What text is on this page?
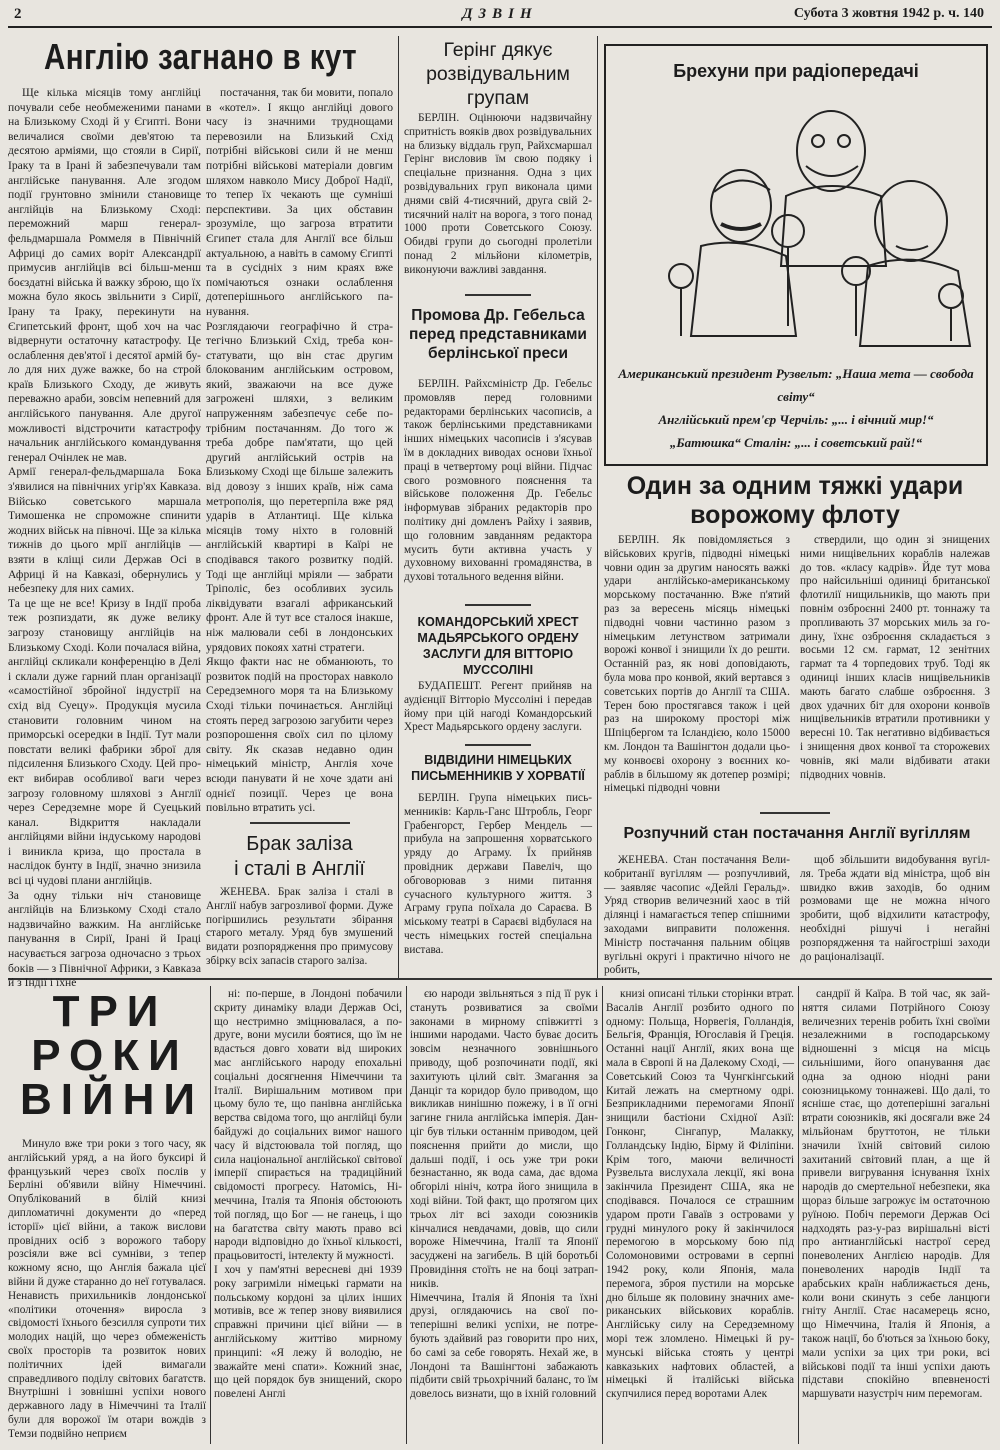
2	ДЗВІН	Субота 3 жовтня 1942 р. ч. 140
Англію загнано в кут
Ще кілька місяців тому англійці почували себе необмеженими панами на Близькому Сході й у Єгипті. Вони величалися своїми дев'ятою та десятою арміями, що стояли в Сирії, Іраку та в Ірані й забезпечували там англійське панування. Але згодом події грунтовно змінили становище англійців на Близькому Сході: переможний марш генерал-фельдмаршала Роммеля в Північній Африці до самих воріт Александрії примусив англійців всі більш-менш боєздатні війська й важку зброю, що їх можна було якось звільнити з Сирії, Ірану та Іраку, перекинути на Єгипетський фронт, щоб хоч на час відвернути остаточну катастрофу. Це ослаблення дев'ятої і десятої армій було для них дуже важке, бо на строй країв Близького Сходу, де живуть переважно араби, зовсім непевний для англійського панування. Але другої можливості відстрочити катастрофу начальник англійського командування генерал Очінлек не мав.
Армії генерал-фельдмаршала Бока з'явилися на північних угір'ях Кавказа. Військо советського маршала Тимошенка не спроможне спинити жодних військ на півночі. Ще за кілька тижнів до цього мрії англійців — взяти в кліщі сили Держав Осі в Африці й на Кавказі, обернулись у небезпеку для них самих.
Та це ще не все! Кризу в Індії проба теж розпиздати, як дуже велику загрозу становищу англійців на Близькому Сході. Коли почалася війна, англійці скликали конференцію в Делі і склали дуже гарний план організації «самостійної збройної індустрії на схід від Суецу». Продукція мусила становити головним чином на приморські осередки в Індії. Тут мали повстати великі фабрики зброї для підсилення Близького Сходу. Цей проект вибирав особливої ваги через загрозу головному шляхові з Англії через Середземне море й Суецький канал. Відкриття накладали англійцями війни індуському народові і виникла криза, що простала в наслідок бунту в Індії, значно знизила всі ці чудові плани англійців.
За одну тільки ніч становище англійців на Близькому Сході стало надзвичайно важким. На англійське панування в Сирії, Ірані й Іраці насувається загроза одночасно з трьох боків — з Північної Африки, з Кавказа й з Індії і їхне
постачання, так би мовити, попало в «котел». І якщо англійці дового часу із значними труднощами перевозили на Близький Схід потрібні військові сили й не менш потрібні військові матеріали довгим шляхом навколо Мису Доброї Надії, то тепер їх чекають ще сумніші перспективи. За цих обставин зрозуміле, що загроза втратити Єгипет стала для Англії все більш актуальною, а навіть в самому Єгипті та в сусідніх з ним краях вже помічаються ознаки ослаблення дотеперішнього англійського панування.
Розглядаючи географічно й стратегічно Близький Схід, треба констатувати, що він стає другим блокованим англійським островом, який, зважаючи на все дуже загрожені шляхи, з великим напруженням забезпечує себе потрібним постачанням. До того ж треба добре пам'ятати, що цей другий англійський острів на Близькому Сході ще більше залежить від довозу з інших країв, ніж сама метрополія, що перетерпіла вже ряд ударів в Атлантиці. Ще кілька місяців тому ніхто в головній англійській квартирі в Каїрі не сподівався такого розвитку подій. Тоді ще англійці мріяли — забрати Тріполіс, без особливих зусиль ліквідувати взагалі африканський фронт. Але й тут все сталося інакше, ніж малювали себі в лондонських урядових покоях хатні стратеги.
Якщо факти нас не обманюють, то розвиток подій на просторах навколо Середземного моря та на Близькому Сході тільки починається. Англійці стоять перед загрозою загубити через розпорошення своїх сил по цілому світу. Як сказав недавно один німецький міністр, Англія хоче всюди панувати й не хоче здати ані однієї позиції. Через це вона повільно втратить усі.
Брак заліза
і сталі в Англії
ЖЕНЕВА. Брак заліза і сталі в Англії набув загрозливої форми. Дуже погіршились результати збірання старого металу. Уряд був змушений видати розпорядження про примусову збірку всіх запасів старого заліза.
Герінг дякує розвідувальним групам
БЕРЛІН. Оцінюючи надзвичайну спритність вояків двох розвідувальних на близьку віддаль груп, Райхсмаршал Герінг висловив їм свою подяку і спеціальне признання. Одна з цих розвідувальних груп виконала цими днями свій 4-тисячний, друга свій 2-тисячний наліт на ворога, з того понад 1000 проти Советського Союзу. Обидві групи до сьогодні пролетіли понад 2 мільйони кілометрів, виконуючи важливі завдання.
Промова Др. Гебельса перед представниками берлінської преси
БЕРЛІН. Райхсміністр Др. Гебельс промовляв перед головними редакторами берлінських часописів, а також берлінськими представниками інших німецьких часописів і з'ясував їм в докладних виводах основи їхньої праці в четвертому році війни. Підчас свого розмовного пояснення та військове положення Др. Гебельс інформував зібраних редакторів про політику дні домленъ Райху і заявив, що головним завданням редактора мусить бути активна участь у духовному вихованні громадянства, в духові тотального ведення війни.
КОМАНДОРСЬКИЙ ХРЕСТ МАДЬЯРСЬКОГО ОРДЕНУ ЗАСЛУГИ ДЛЯ ВІТТОРІО МУССОЛІНІ
БУДАПЕШТ. Регент прийняв на аудієнції Вітторіо Муссоліні і передав йому при цій нагоді Командорський Хрест Мадьярського ордену заслуги.
ВІДВІДИНИ НІМЕЦЬКИХ ПИСЬМЕННИКІВ У ХОРВАТІЇ
БЕРЛІН. Група німецьких письменників: Карль-Ганс Штробль, Георг Грабенгорст, Гербер Мендель — прибула на запрошення хорватського уряду до Аграму. Їх прийняв провідник держави Павеліч, що обговорював з ними питання сучасного культурного життя. З Аграму група поїхала до Сараєва. В міському театрі в Сараєві відбулася на честь німецьких гостей спеціальна вистава.
Брехуни при радіопередачі
Американський президент Рузвельт: „Наша мета — свобода світу“
Англійський прем'єр Черчіль: „... і вічний мир!“
„Батюшка“ Сталін: „... і советський рай!“
Один за одним тяжкі удари ворожому флоту
БЕРЛІН. Як повідомляється з військових кругів, підводні німецькі човни один за другим наносять важкі удари англійсько-американському морському постачанню. Вже п'ятий раз за вересень місяць німецькі підводні човни частинно разом з німецьким летунством затримали ворожі конвої і знищили їх до решти. Останній раз, як нові доповідають, була мова про конвой, який вертався з советських портів до Англії та США. Терен бою простягався також і цей раз на широкому просторі між Шпіцбергом та Ісландією, коло 15000 км. Лондон та Вашінгтон додали цьому конвоєві охорону з воєнних кораблів в більшому як дотепер розмірі; німецькі підводні човни
ствердили, що один зі знищених ними нищівельних кораблів належав до тов. «класу кадрів». Йде тут мова про найсильніші одиниці британської флотилії нищильників, що мають при повнім озброєнні 2400 рт. тоннажу та пропливають 37 морських миль за годину, їхнє озброєння складається з восьми 12 см. гармат, 12 зенітних гармат та 4 торпедових труб. Тоді як одиниці інших класів нищівельників мають багато слабше озброєння. З двох удачних біт для охорони конвоїв нищівельників втратили противники у вересні 10. Так негативно відбивається і знищення двох конвої та сторожевих човнів, які мали відбивати атаки підводних човнів.
Розпучний стан постачання Англії вугіллям
ЖЕНЕВА. Стан постачання Великобританії вугіллям — розпучливий, — заявляє часопис «Дейлі Геральд». Уряд створив величезний хаос в тій ділянці і намагається тепер спішними заходами виправити положення. Міністр постачання пальним обіцяв вугільні округі і практично нічого не робить,
щоб збільшити видобування вугілля. Треба ждати від міністра, щоб він швидко вжив заходів, бо одним розмовами ще не можна нічого зробити, щоб відхилити катастрофу, необхідні рішучі і негайні розпорядження та найгостріші заходи до раціоналізації.
ТРИ
РОКИ
ВІЙНИ
Минуло вже три роки з того часу, як англійський уряд, а на його буксирі й французький через своїх послів у Берліні об'явили війну Німеччині. Опублікований в білій книзі дипломатичні документи до «перед історії» цієї війни, а також вислови провідних осіб з ворожого табору розсіяли вже всі сумніви, з тепер кожному ясно, що Англія бажала цієї війни й дуже старанно до неї готувалася. Ненависть прихильників лондонської «політики оточення» виросла з свідомості їхнього безсилля супроти тих молодих націй, що через обмеженість своїх просторів та розвиток нових політичних ідей вимагали справедливого поділу світових багатств. Внутрішні і зовнішні успіхи нового державного ладу в Німеччині та Італії були для ворожої їм отари вождів з Темзи подвійно неприєм
ні: по-перше, в Лондоні побачили скриту динаміку влади Держав Осі, що нестримно зміцнювалася, а по-друге, вони мусили боятися, що їм не вдасться довго ховати від широких мас англійського народу епохальні соціальні досягнення Німеччини та Італії. Вирішальним мотивом при цьому було те, що панівна англійська верства свідома того, що англійці були байдужі до соціальних вимог нашого часу й відстоювала той погляд, що сила національної англійської світової імперії спирається на традиційний свідомості прогресу. Натомісь, Німеччина, Італія та Японія обстоюють той погляд, що Бог — не ганець, і що на багатства світу мають право всі народи відповідно до їхньої кількості, працьовитості, інтелекту й мужності.
І хоч у пам'ятні вересневі дні 1939 року загриміли німецькі гармати на польському кордоні за цілих інших мотивів, все ж тепер знову виявилися справжні причини цієї війни — в англійському життіво мирному принципі: «Я лежу й володію, не зважайте мені спати». Кожний знає, що цей порядок був знищений, скоро повелені Англі
єю народи звільняться з під її рук і стануть розвиватися за своїми законами в мирному співжитті з іншими народами. Часто буває досить зовсім незначного зовнішнього приводу, щоб розпочинати події, які захитують цілий світ. Змагання за Данціг та коридор було приводом, що викликав нинішню пожежу, і в її огні загине гнила англійська імперія. Данціг був тільки останнім приводом, цей пояснення прийти до мисли, що дальші події, і ось уже три роки безнастанно, як вода сама, дає вдома обгорілі нініч, котра його знищила в ході війни. Той факт, що протягом цих трьох літ всі заходи союзників кінчалися невдачами, довів, що сили вороже Німеччина, Італії та Японії засуджені на загибель. В цій боротьбі Провидіння стоїть не на боці затрапників.
Німеччина, Італія й Японія та їхні друзі, оглядаючись на свої потеперішні великі успіхи, не потребують здайвий раз говорити про них, бо самі за себе говорять. Нехай же, в Лондоні та Вашінгтоні забажають підбити свій трьохрічний баланс, то їм довелось визнати, що в іхній головний
книзі описані тільки сторінки втрат. Васалів Англії розбито одного по одному: Польща, Норвегія, Голландія, Бельгія, Франція, Югославія й Греція. Останні нації Англії, яких вона ще мала в Європі й на Далекому Сході, — Советський Союз та Чунгкінгський Китай лежать на смертному одрі. Безприкладними перемогами Японії знищили бастіони Східної Азії: Гонконг, Сінгапур, Малакку, Голландську Індію, Бірму й Філіпіни. Крім того, маючи величності Рузвельта вислухала лекції, які вона закінчила Президент США, яка не сподівався. Почалося се страшним ударом проти Гаваїв з островами у грудні минулого року й закінчилося перемогою в морському бою під Соломоновими островами в серпні 1942 року, коли Японія, мала перемога, зброя пустили на морське дно більше як половину значних американських військових кораблів. Англійську силу на Середземному морі теж зломлено. Німецькі й румунські війська стоять у центрі кавказьких нафтових областей, а німецькі й італійські війська скупчилися перед воротами Алек
сандрії й Каїра. В той час, як зайняття силами Потрійного Союзу величезних теренів робить їхні своїми незалежними в господарському відношенні з місця на місць сильнішими, його опанування дає одна за одною ніодні рани союзницькому тоннажеві. Що далі, то ясніше стає, що дотеперішні загальні втрати союзників, які досягали вже 24 мільйонам бруттотон, не тільки значили їхній світовий силою захитаний світовий план, а ще й привели вигрування існування їхніх народів до смертельної небезпеки, яка щораз більше загрожує ім остаточною руїною. Побіч перемоги Держав Осі надходять раз-у-раз вирішальні вісті про антианглійські настрої серед поневолених Англією народів. Для поневолених народів Індії та арабських країн наближається день, коли вони скинуть з себе ланцюги гніту Англії. Стає насамерець ясно, що Німеччина, Італія й Японія, а також нації, бо б'ються за їхньою боку, мали успіхи за цих три роки, всі військові події та інші успіхи дають підстави спокійно впевненості маршувати назустріч ним перемогам.
